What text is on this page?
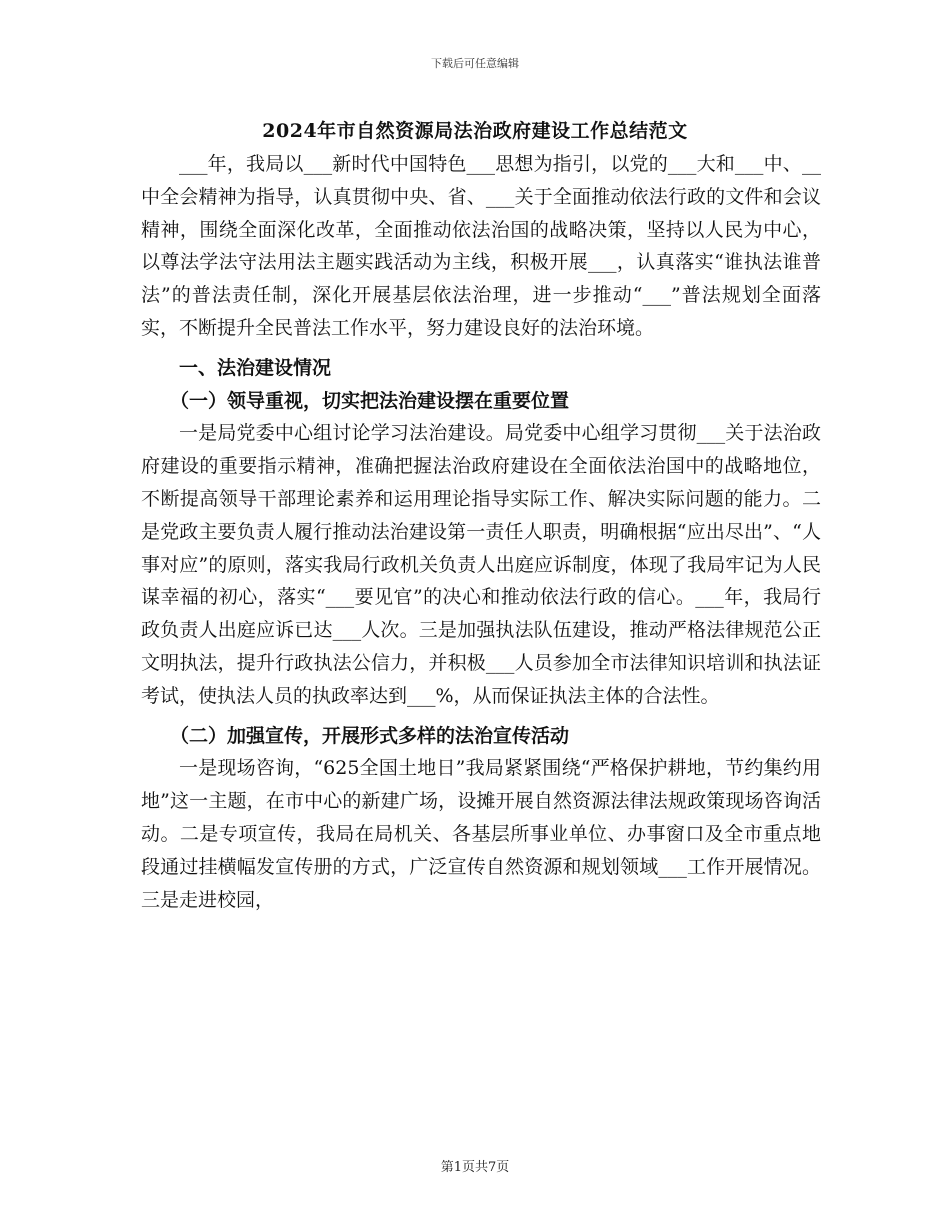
下载后可任意编辑
2024年市自然资源局法治政府建设工作总结范文

___年，我局以___新时代中国特色___思想为指引，以党的___大和___中、__中全会精神为指导，认真贯彻中央、省、___关于全面推动依法行政的文件和会议精神，围绕全面深化改革，全面推动依法治国的战略决策，坚持以人民为中心，以尊法学法守法用法主题实践活动为主线，积极开展___，认真落实“谁执法谁普法”的普法责任制，深化开展基层依法治理，进一步推动“___”普法规划全面落实，不断提升全民普法工作水平，努力建设良好的法治环境。

一、法治建设情况
（一）领导重视，切实把法治建设摆在重要位置

一是局党委中心组讨论学习法治建设。局党委中心组学习贯彻___关于法治政府建设的重要指示精神，准确把握法治政府建设在全面依法治国中的战略地位，不断提高领导干部理论素养和运用理论指导实际工作、解决实际问题的能力。二是党政主要负责人履行推动法治建设第一责任人职责，明确根据“应出尽出”、“人事对应”的原则，落实我局行政机关负责人出庭应诉制度，体现了我局牢记为人民谋幸福的初心，落实“___要见官”的决心和推动依法行政的信心。___年，我局行政负责人出庭应诉已达___人次。三是加强执法队伍建设，推动严格法律规范公正文明执法，提升行政执法公信力，并积极___人员参加全市法律知识培训和执法证考试，使执法人员的执政率达到___%，从而保证执法主体的合法性。

（二）加强宣传，开展形式多样的法治宣传活动

一是现场咨询，“625全国土地日”我局紧紧围绕“严格保护耕地，节约集约用地”这一主题，在市中心的新建广场，设摊开展自然资源法律法规政策现场咨询活动。二是专项宣传，我局在局机关、各基层所事业单位、办事窗口及全市重点地段通过挂横幅发宣传册的方式，广泛宣传自然资源和规划领域___工作开展情况。三是走进校园，

第1页共7页
